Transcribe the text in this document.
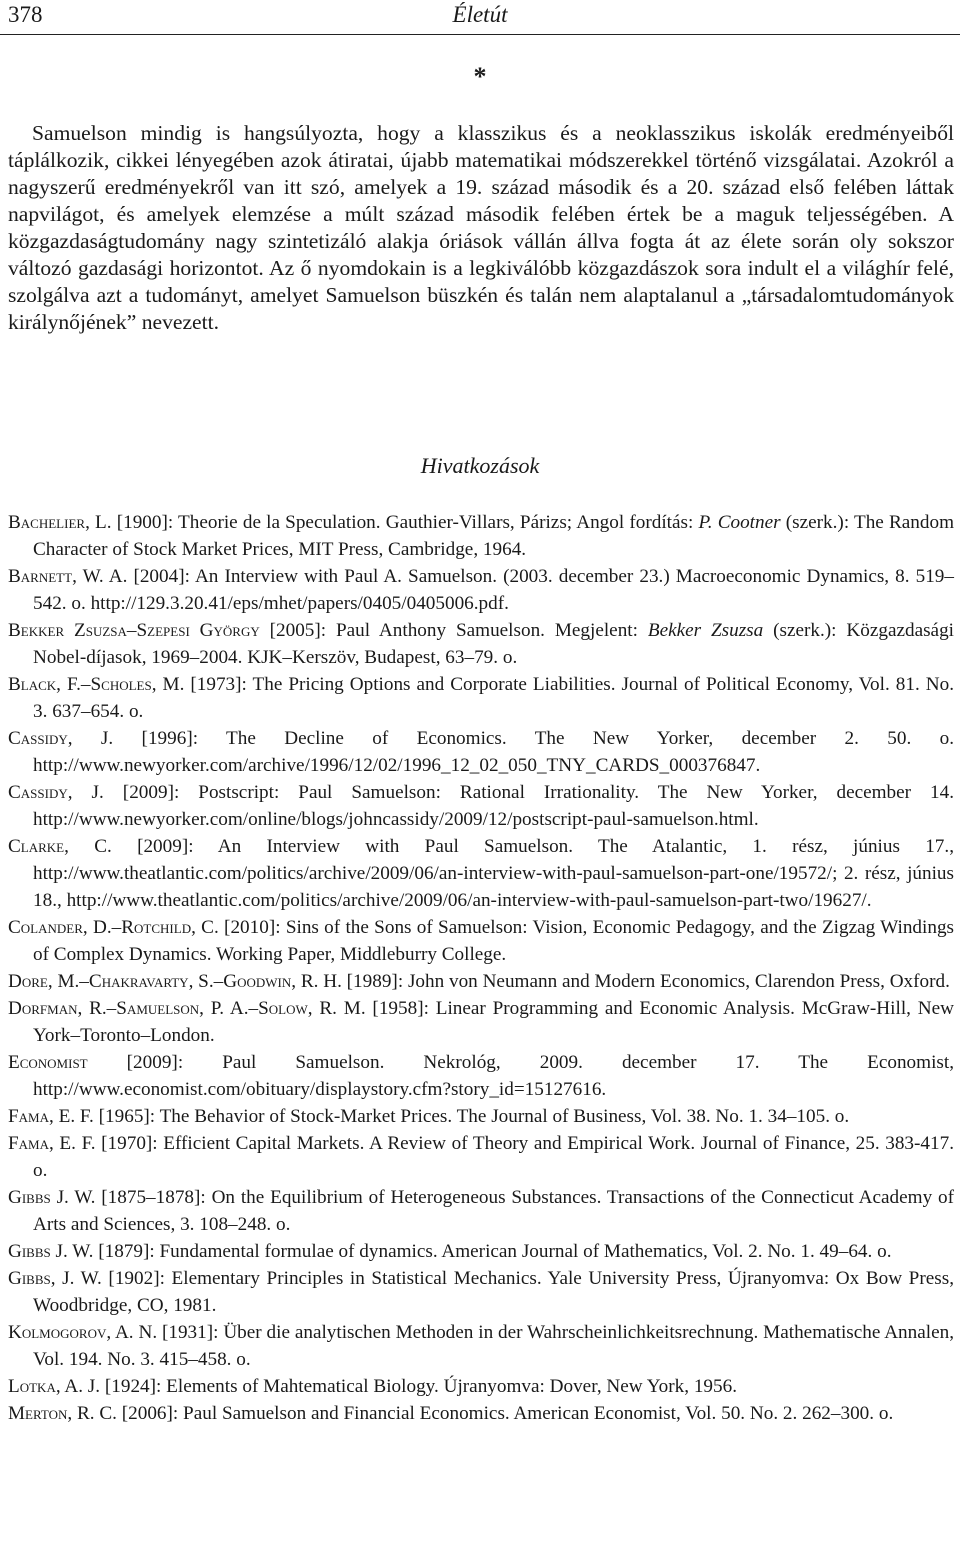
378	Életút
*

Samuelson mindig is hangsúlyozta, hogy a klasszikus és a neoklasszikus iskolák eredményeiből táplálkozik, cikkei lényegében azok átiratai, újabb matematikai módszerekkel történő vizsgálatai. Azokról a nagyszerű eredményekről van itt szó, amelyek a 19. század második és a 20. század első felében láttak napvilágot, és amelyek elemzése a múlt század második felében értek be a maguk teljességében. A közgazdaságtudomány nagy szintetizáló alakja óriások vállán állva fogta át az élete során oly sokszor változó gazdasági horizontot. Az ő nyomdokain is a legkiválóbb közgazdászok sora indult el a világhír felé, szolgálva azt a tudományt, amelyet Samuelson büszkén és talán nem alaptalanul a „társadalomtudományok királynőjének” nevezett.

Hivatkozások
Bachelier, L. [1900]: Theorie de la Speculation. Gauthier-Villars, Párizs; Angol fordítás: P. Cootner (szerk.): The Random Character of Stock Market Prices, MIT Press, Cambridge, 1964.
Barnett, W. A. [2004]: An Interview with Paul A. Samuelson. (2003. december 23.) Macroeconomic Dynamics, 8. 519–542. o. http://129.3.20.41/eps/mhet/papers/0405/0405006.pdf.
Bekker Zsuzsa–Szepesi György [2005]: Paul Anthony Samuelson. Megjelent: Bekker Zsuzsa (szerk.): Közgazdasági Nobel-díjasok, 1969–2004. KJK–Kerszöv, Budapest, 63–79. o.
Black, F.–Scholes, M. [1973]: The Pricing Options and Corporate Liabilities. Journal of Political Economy, Vol. 81. No. 3. 637–654. o.
Cassidy, J. [1996]: The Decline of Economics. The New Yorker, december 2. 50. o. http://www.newyorker.com/archive/1996/12/02/1996_12_02_050_TNY_CARDS_000376847.
Cassidy, J. [2009]: Postscript: Paul Samuelson: Rational Irrationality. The New Yorker, december 14. http://www.newyorker.com/online/blogs/johncassidy/2009/12/postscript-paul-samuelson.html.
Clarke, C. [2009]: An Interview with Paul Samuelson. The Atalantic, 1. rész, június 17., http://www.theatlantic.com/politics/archive/2009/06/an-interview-with-paul-samuelson-part-one/19572/; 2. rész, június 18., http://www.theatlantic.com/politics/archive/2009/06/an-interview-with-paul-samuelson-part-two/19627/.
Colander, D.–Rotchild, C. [2010]: Sins of the Sons of Samuelson: Vision, Economic Pedagogy, and the Zigzag Windings of Complex Dynamics. Working Paper, Middleburry College.
Dore, M.–Chakravarty, S.–Goodwin, R. H. [1989]: John von Neumann and Modern Economics, Clarendon Press, Oxford.
Dorfman, R.–Samuelson, P. A.–Solow, R. M. [1958]: Linear Programming and Economic Analysis. McGraw-Hill, New York–Toronto–London.
Economist [2009]: Paul Samuelson. Nekrológ, 2009. december 17. The Economist, http://www.economist.com/obituary/displaystory.cfm?story_id=15127616.
Fama, E. F. [1965]: The Behavior of Stock-Market Prices. The Journal of Business, Vol. 38. No. 1. 34–105. o.
Fama, E. F. [1970]: Efficient Capital Markets. A Review of Theory and Empirical Work. Journal of Finance, 25. 383-417. o.
Gibbs J. W. [1875–1878]: On the Equilibrium of Heterogeneous Substances. Transactions of the Connecticut Academy of Arts and Sciences, 3. 108–248. o.
Gibbs J. W. [1879]: Fundamental formulae of dynamics. American Journal of Mathematics, Vol. 2. No. 1. 49–64. o.
Gibbs, J. W. [1902]: Elementary Principles in Statistical Mechanics. Yale University Press, Újranyomva: Ox Bow Press, Woodbridge, CO, 1981.
Kolmogorov, A. N. [1931]: Über die analytischen Methoden in der Wahrscheinlichkeitsrechnung. Mathematische Annalen, Vol. 194. No. 3. 415–458. o.
Lotka, A. J. [1924]: Elements of Mahtematical Biology. Újranyomva: Dover, New York, 1956.
Merton, R. C. [2006]: Paul Samuelson and Financial Economics. American Economist, Vol. 50. No. 2. 262–300. o.
